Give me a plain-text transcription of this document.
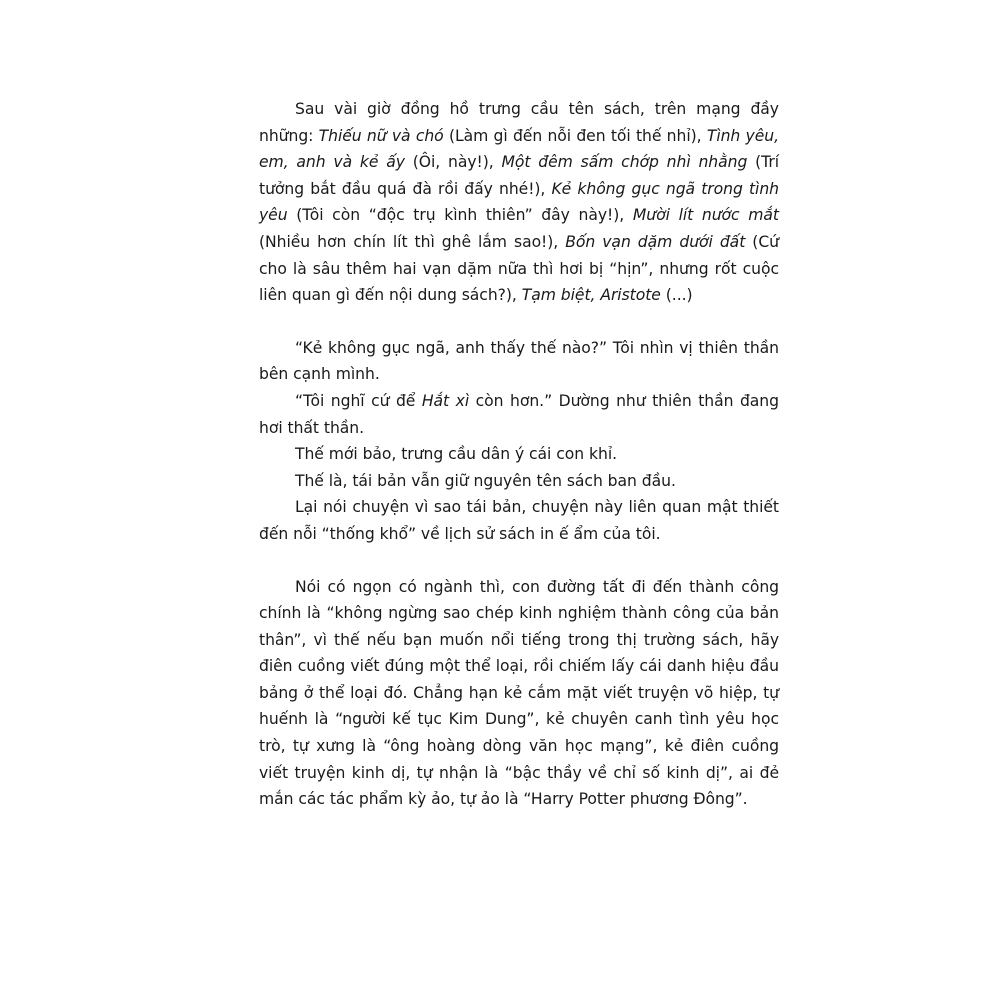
Sau vài giờ đồng hồ trưng cầu tên sách, trên mạng đầy những: Thiếu nữ và chó (Làm gì đến nỗi đen tối thế nhỉ), Tình yêu, em, anh và kẻ ấy (Ôi, này!), Một đêm sấm chớp nhì nhằng (Trí tưởng bắt đầu quá đà rồi đấy nhé!), Kẻ không gục ngã trong tình yêu (Tôi còn “độc trụ kình thiên” đây này!), Mười lít nước mắt (Nhiều hơn chín lít thì ghê lắm sao!), Bốn vạn dặm dưới đất (Cứ cho là sâu thêm hai vạn dặm nữa thì hơi bị “hịn”, nhưng rốt cuộc liên quan gì đến nội dung sách?), Tạm biệt, Aristote (...)

“Kẻ không gục ngã, anh thấy thế nào?” Tôi nhìn vị thiên thần bên cạnh mình.

“Tôi nghĩ cứ để Hắt xì còn hơn.” Dường như thiên thần đang hơi thất thần.

Thế mới bảo, trưng cầu dân ý cái con khỉ.

Thế là, tái bản vẫn giữ nguyên tên sách ban đầu.

Lại nói chuyện vì sao tái bản, chuyện này liên quan mật thiết đến nỗi “thống khổ” về lịch sử sách in ế ẩm của tôi.

Nói có ngọn có ngành thì, con đường tất đi đến thành công chính là “không ngừng sao chép kinh nghiệm thành công của bản thân”, vì thế nếu bạn muốn nổi tiếng trong thị trường sách, hãy điên cuồng viết đúng một thể loại, rồi chiếm lấy cái danh hiệu đầu bảng ở thể loại đó. Chẳng hạn kẻ cắm mặt viết truyện võ hiệp, tự huếnh là “người kế tục Kim Dung”, kẻ chuyên canh tình yêu học trò, tự xưng là “ông hoàng dòng văn học mạng”, kẻ điên cuồng viết truyện kinh dị, tự nhận là “bậc thầy về chỉ số kinh dị”, ai đẻ mắn các tác phẩm kỳ ảo, tự ảo là “Harry Potter phương Đông”.
